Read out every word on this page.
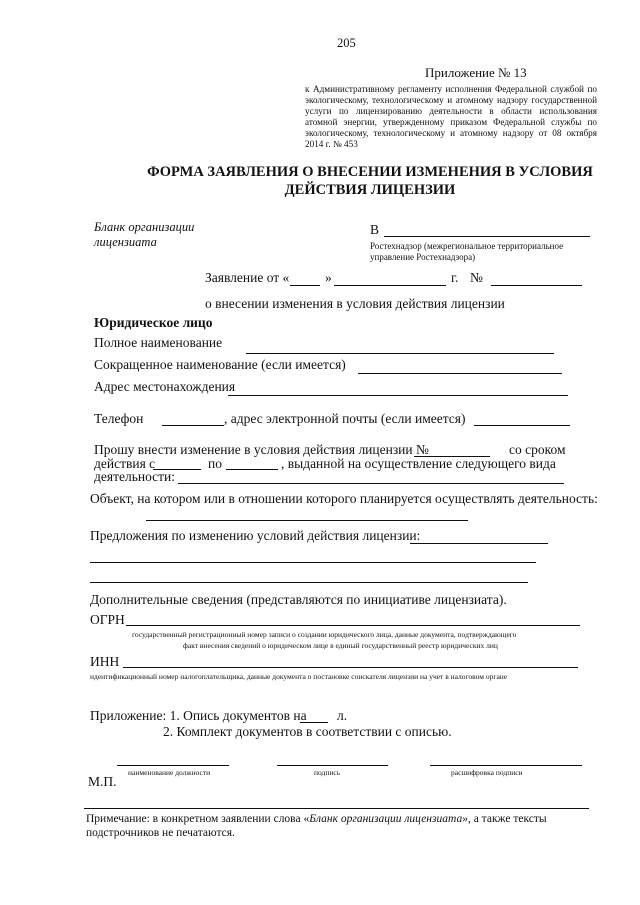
205
Приложение № 13
к Административному регламенту исполнения Федеральной службой по экологическому, технологическому и атомному надзору государственной услуги по лицензированию деятельности в области использования атомной энергии, утвержденному приказом Федеральной службы по экологическому, технологическому и атомному надзору от 08 октября 2014 г. № 453
ФОРМА ЗАЯВЛЕНИЯ О ВНЕСЕНИИ ИЗМЕНЕНИЯ В УСЛОВИЯ
ДЕЙСТВИЯ ЛИЦЕНЗИИ
Бланк организации
лицензиата
В
Ростехнадзор (межрегиональное территориальное
управление Ростехнадзора)
Заявление от «	»	г. №
о внесении изменения в условия действия лицензии
Юридическое лицо
Полное наименование
Сокращенное наименование (если имеется)
Адрес местонахождения
Телефон	, адрес электронной почты (если имеется)
Прошу внести изменение в условия действия лицензии №	со сроком
действия с	по	, выданной на осуществление следующего вида
деятельности:
Объект, на котором или в отношении которого планируется осуществлять деятельность:
Предложения по изменению условий действия лицензии:
Дополнительные сведения (представляются по инициативе лицензиата).
ОГРН
государственный регистрационный номер записи о создании юридического лица, данные документа, подтверждающего
факт внесения сведений о юридическом лице в единый государственный реестр юридических лиц
ИНН
идентификационный номер налогоплательщика, данные документа о постановке соискателя лицензии на учет в налоговом органе
Приложение: 1. Опись документов на л.
2. Комплект документов в соответствии с описью.
наименование должности	подпись	расшифровка подписи
М.П.
Примечание: в конкретном заявлении слова «Бланк организации лицензиата», а также тексты подстрочников не печатаются.
